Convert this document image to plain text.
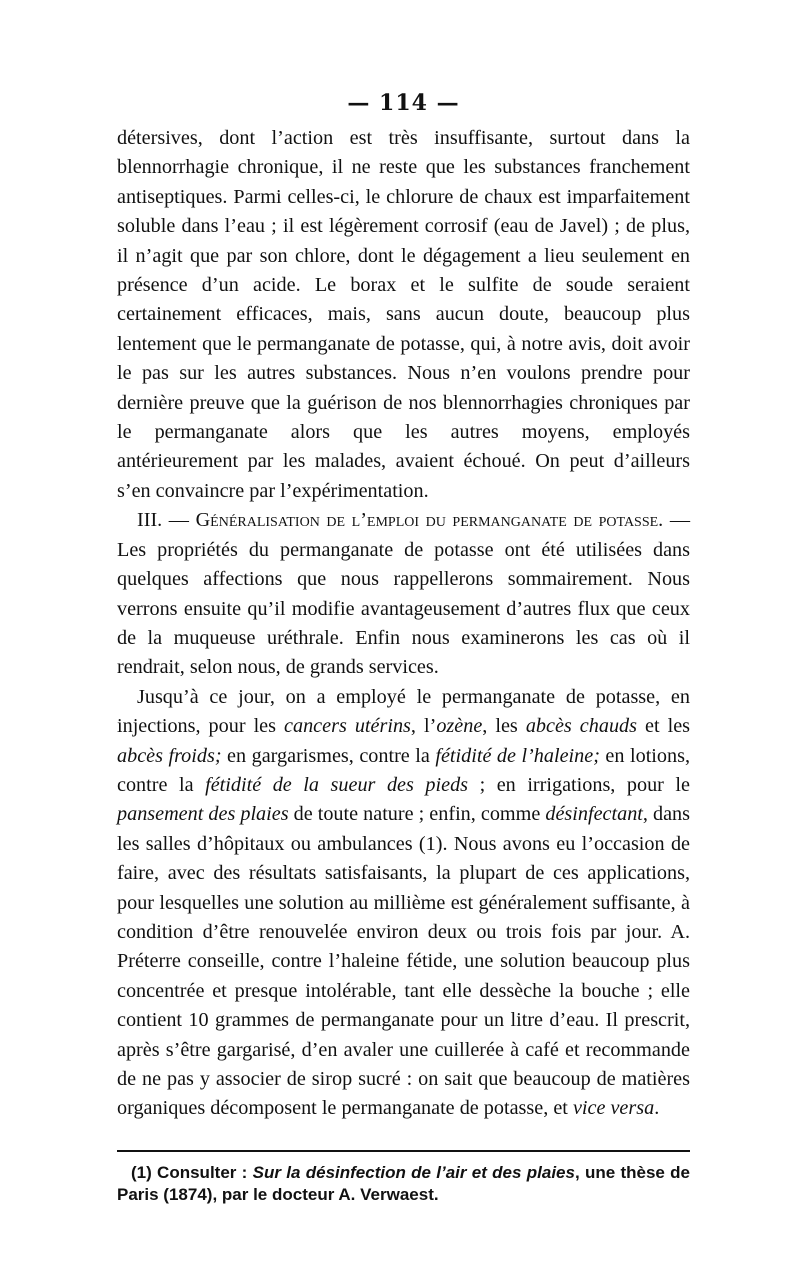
— 114 —

détersives, dont l’action est très insuffisante, surtout dans la blennorrhagie chronique, il ne reste que les substances franchement antiseptiques. Parmi celles-ci, le chlorure de chaux est imparfaitement soluble dans l’eau ; il est légèrement corrosif (eau de Javel) ; de plus, il n’agit que par son chlore, dont le dégagement a lieu seulement en présence d’un acide. Le borax et le sulfite de soude seraient certainement efficaces, mais, sans aucun doute, beaucoup plus lentement que le permanganate de potasse, qui, à notre avis, doit avoir le pas sur les autres substances. Nous n’en voulons prendre pour dernière preuve que la guérison de nos blennorrhagies chroniques par le permanganate alors que les autres moyens, employés antérieurement par les malades, avaient échoué. On peut d’ailleurs s’en convaincre par l’expérimentation.

III. — Généralisation de l’emploi du permanganate de potasse. — Les propriétés du permanganate de potasse ont été utilisées dans quelques affections que nous rappellerons sommairement. Nous verrons ensuite qu’il modifie avantageusement d’autres flux que ceux de la muqueuse uréthrale. Enfin nous examinerons les cas où il rendrait, selon nous, de grands services.

Jusqu’à ce jour, on a employé le permanganate de potasse, en injections, pour les cancers utérins, l’ozène, les abcès chauds et les abcès froids; en gargarismes, contre la fétidité de l’haleine; en lotions, contre la fétidité de la sueur des pieds ; en irrigations, pour le pansement des plaies de toute nature ; enfin, comme désinfectant, dans les salles d’hôpitaux ou ambulances (1). Nous avons eu l’occasion de faire, avec des résultats satisfaisants, la plupart de ces applications, pour lesquelles une solution au millième est généralement suffisante, à condition d’être renouvelée environ deux ou trois fois par jour. A. Préterre conseille, contre l’haleine fétide, une solution beaucoup plus concentrée et presque intolérable, tant elle dessèche la bouche ; elle contient 10 grammes de permanganate pour un litre d’eau. Il prescrit, après s’être gargarisé, d’en avaler une cuillerée à café et recommande de ne pas y associer de sirop sucré : on sait que beaucoup de matières organiques décomposent le permanganate de potasse, et vice versa.

(1) Consulter : Sur la désinfection de l’air et des plaies, une thèse de Paris (1874), par le docteur A. Verwaest.
